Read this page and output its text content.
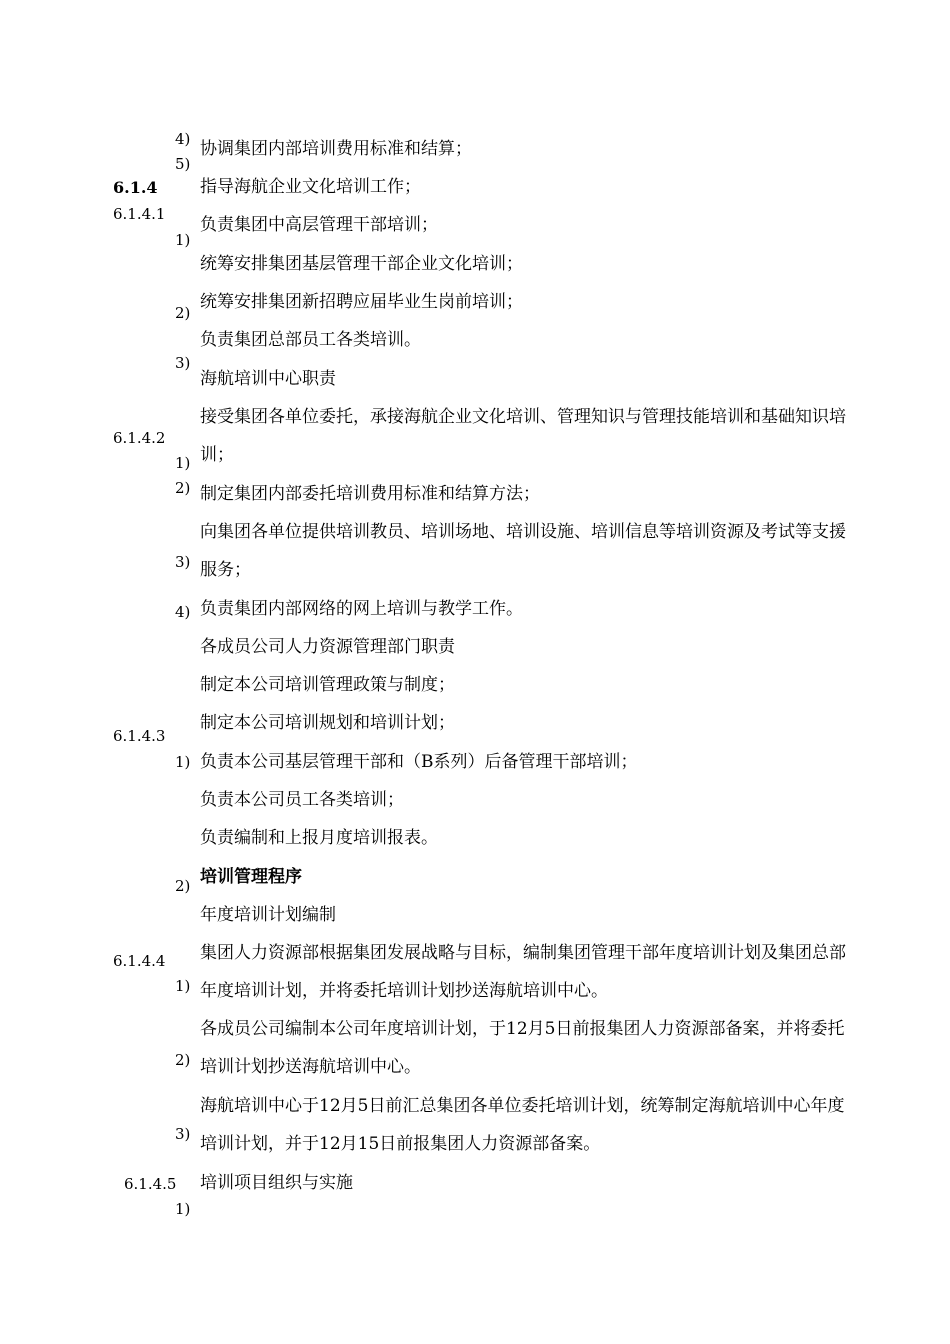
4)
5)
6.1.4
6.1.4.1
1)
2)
3)
6.1.4.2
1)
2)
3)
4)
6.1.4.3
1)
2)
6.1.4.4
1)
2)
3)
6.1.4.5
1)
协调集团内部培训费用标准和结算；
指导海航企业文化培训工作；
负责集团中高层管理干部培训；
统筹安排集团基层管理干部企业文化培训；
统筹安排集团新招聘应届毕业生岗前培训；
负责集团总部员工各类培训。
海航培训中心职责
接受集团各单位委托，承接海航企业文化培训、管理知识与管理技能培训和基础知识培训；
制定集团内部委托培训费用标准和结算方法；
向集团各单位提供培训教员、培训场地、培训设施、培训信息等培训资源及考试等支援服务；
负责集团内部网络的网上培训与教学工作。
各成员公司人力资源管理部门职责
制定本公司培训管理政策与制度；
制定本公司培训规划和培训计划；
负责本公司基层管理干部和（B系列）后备管理干部培训；
负责本公司员工各类培训；
负责编制和上报月度培训报表。
培训管理程序
年度培训计划编制
集团人力资源部根据集团发展战略与目标，编制集团管理干部年度培训计划及集团总部年度培训计划，并将委托培训计划抄送海航培训中心。
各成员公司编制本公司年度培训计划，于12月5日前报集团人力资源部备案，并将委托培训计划抄送海航培训中心。
海航培训中心于12月5日前汇总集团各单位委托培训计划，统筹制定海航培训中心年度培训计划，并于12月15日前报集团人力资源部备案。
培训项目组织与实施
